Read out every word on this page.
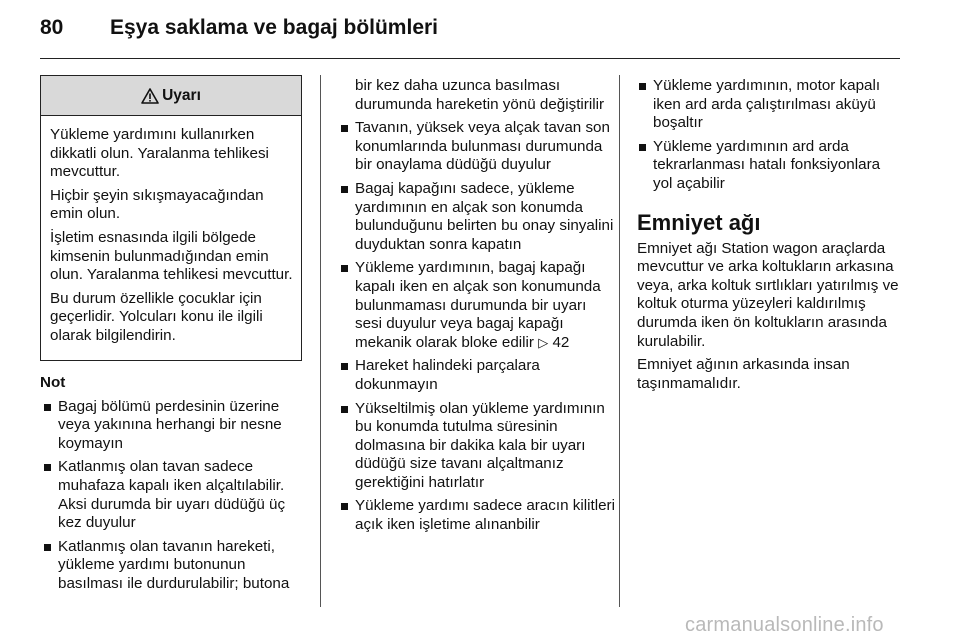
80 Eşya saklama ve bagaj bölümleri
Uyarı

Yükleme yardımını kullanırken dikkatli olun. Yaralanma tehlikesi mevcuttur.

Hiçbir şeyin sıkışmayacağından emin olun.

İşletim esnasında ilgili bölgede kimsenin bulunmadığından emin olun. Yaralanma tehlikesi mevcuttur.

Bu durum özellikle çocuklar için geçerlidir. Yolcuları konu ile ilgili olarak bilgilendirin.

Not

Bagaj bölümü perdesinin üzerine veya yakınına herhangi bir nesne koymayın
Katlanmış olan tavan sadece muhafaza kapalı iken alçaltılabilir. Aksi durumda bir uyarı düdüğü üç kez duyulur
Katlanmış olan tavanın hareketi, yükleme yardımı butonunun basılması ile durdurulabilir; butona

bir kez daha uzunca basılması durumunda hareketin yönü değiştirilir

Tavanın, yüksek veya alçak tavan son konumlarında bulunması durumunda bir onaylama düdüğü duyulur
Bagaj kapağını sadece, yükleme yardımının en alçak son konumda bulunduğunu belirten bu onay sinyalini duyduktan sonra kapatın
Yükleme yardımının, bagaj kapağı kapalı iken en alçak son konumunda bulunmaması durumunda bir uyarı sesi duyulur veya bagaj kapağı mekanik olarak bloke edilir ▷ 42
Hareket halindeki parçalara dokunmayın
Yükseltilmiş olan yükleme yardımının bu konumda tutulma süresinin dolmasına bir dakika kala bir uyarı düdüğü size tavanı alçaltmanız gerektiğini hatırlatır
Yükleme yardımı sadece aracın kilitleri açık iken işletime alınanbilir
Yükleme yardımının, motor kapalı iken ard arda çalıştırılması aküyü boşaltır
Yükleme yardımının ard arda tekrarlanması hatalı fonksiyonlara yol açabilir
Emniyet ağı

Emniyet ağı Station wagon araçlarda mevcuttur ve arka koltukların arkasına veya, arka koltuk sırtlıkları yatırılmış ve koltuk oturma yüzeyleri kaldırılmış durumda iken ön koltukların arasında kurulabilir.

Emniyet ağının arkasında insan taşınmamalıdır.

carmanualsonline.info
